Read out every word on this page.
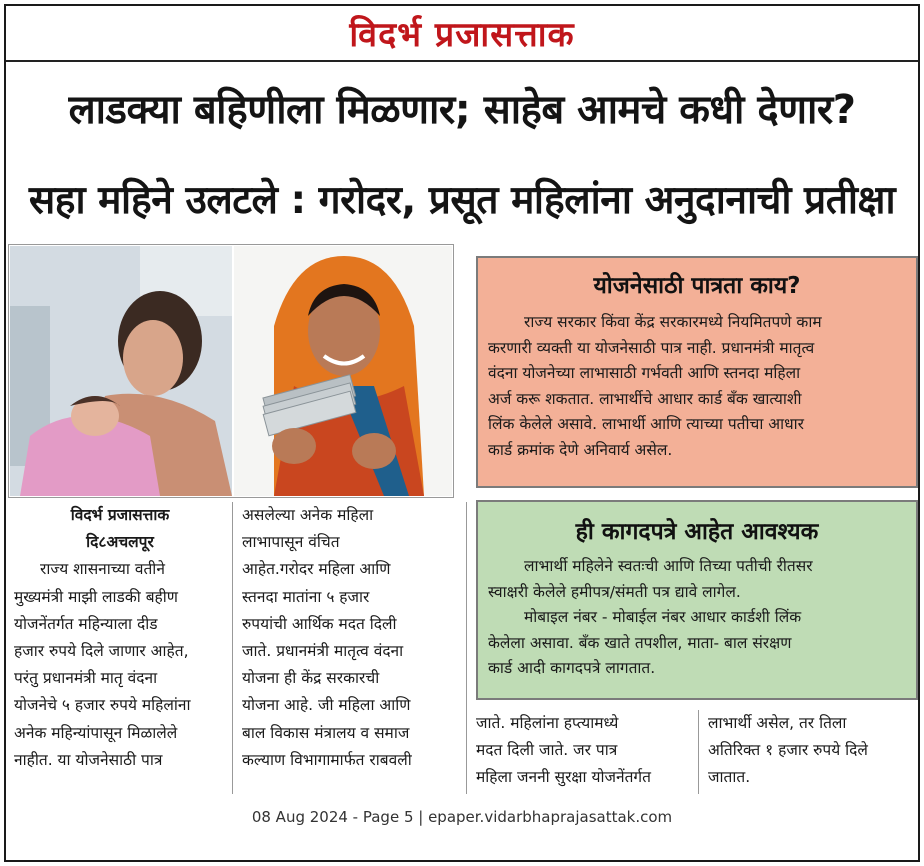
विदर्भ प्रजासत्ताक
लाडक्या बहिणीला मिळणार; साहेब आमचे कधी देणार?
सहा महिने उलटले : गरोदर, प्रसूत महिलांना अनुदानाची प्रतीक्षा
योजनेसाठी पात्रता काय?
राज्य सरकार किंवा केंद्र सरकारमध्ये नियमितपणे काम
करणारी व्यक्ती या योजनेसाठी पात्र नाही. प्रधानमंत्री मातृत्व
वंदना योजनेच्या लाभासाठी गर्भवती आणि स्तनदा महिला
अर्ज करू शकतात. लाभार्थीचे आधार कार्ड बँक खात्याशी
लिंक केलेले असावे. लाभार्थी आणि त्याच्या पतीचा आधार
कार्ड क्रमांक देणे अनिवार्य असेल.
ही कागदपत्रे आहेत आवश्यक
लाभार्थी महिलेने स्वतःची आणि तिच्या पतीची रीतसर
स्वाक्षरी केलेले हमीपत्र/संमती पत्र द्यावे लागेल.
मोबाइल नंबर - मोबाईल नंबर आधार कार्डशी लिंक
केलेला असावा. बँक खाते तपशील, माता- बाल संरक्षण
कार्ड आदी कागदपत्रे लागतात.
विदर्भ प्रजासत्ताक
दि८अचलपूर
राज्य शासनाच्या वतीने
मुख्यमंत्री माझी लाडकी बहीण
योजनेंतर्गत महिन्याला दीड
हजार रुपये दिले जाणार आहेत,
परंतु प्रधानमंत्री मातृ वंदना
योजनेचे ५ हजार रुपये महिलांना
अनेक महिन्यांपासून मिळालेले
नाहीत. या योजनेसाठी पात्र
असलेल्या अनेक महिला
लाभापासून वंचित
आहेत.गरोदर महिला आणि
स्तनदा मातांना ५ हजार
रुपयांची आर्थिक मदत दिली
जाते. प्रधानमंत्री मातृत्व वंदना
योजना ही केंद्र सरकारची
योजना आहे. जी महिला आणि
बाल विकास मंत्रालय व समाज
कल्याण विभागामार्फत राबवली
जाते. महिलांना हप्त्यामध्ये
मदत दिली जाते. जर पात्र
महिला जननी सुरक्षा योजनेंतर्गत
लाभार्थी असेल, तर तिला
अतिरिक्त १ हजार रुपये दिले
जातात.
08 Aug 2024 - Page 5 | epaper.vidarbhaprajasattak.com
